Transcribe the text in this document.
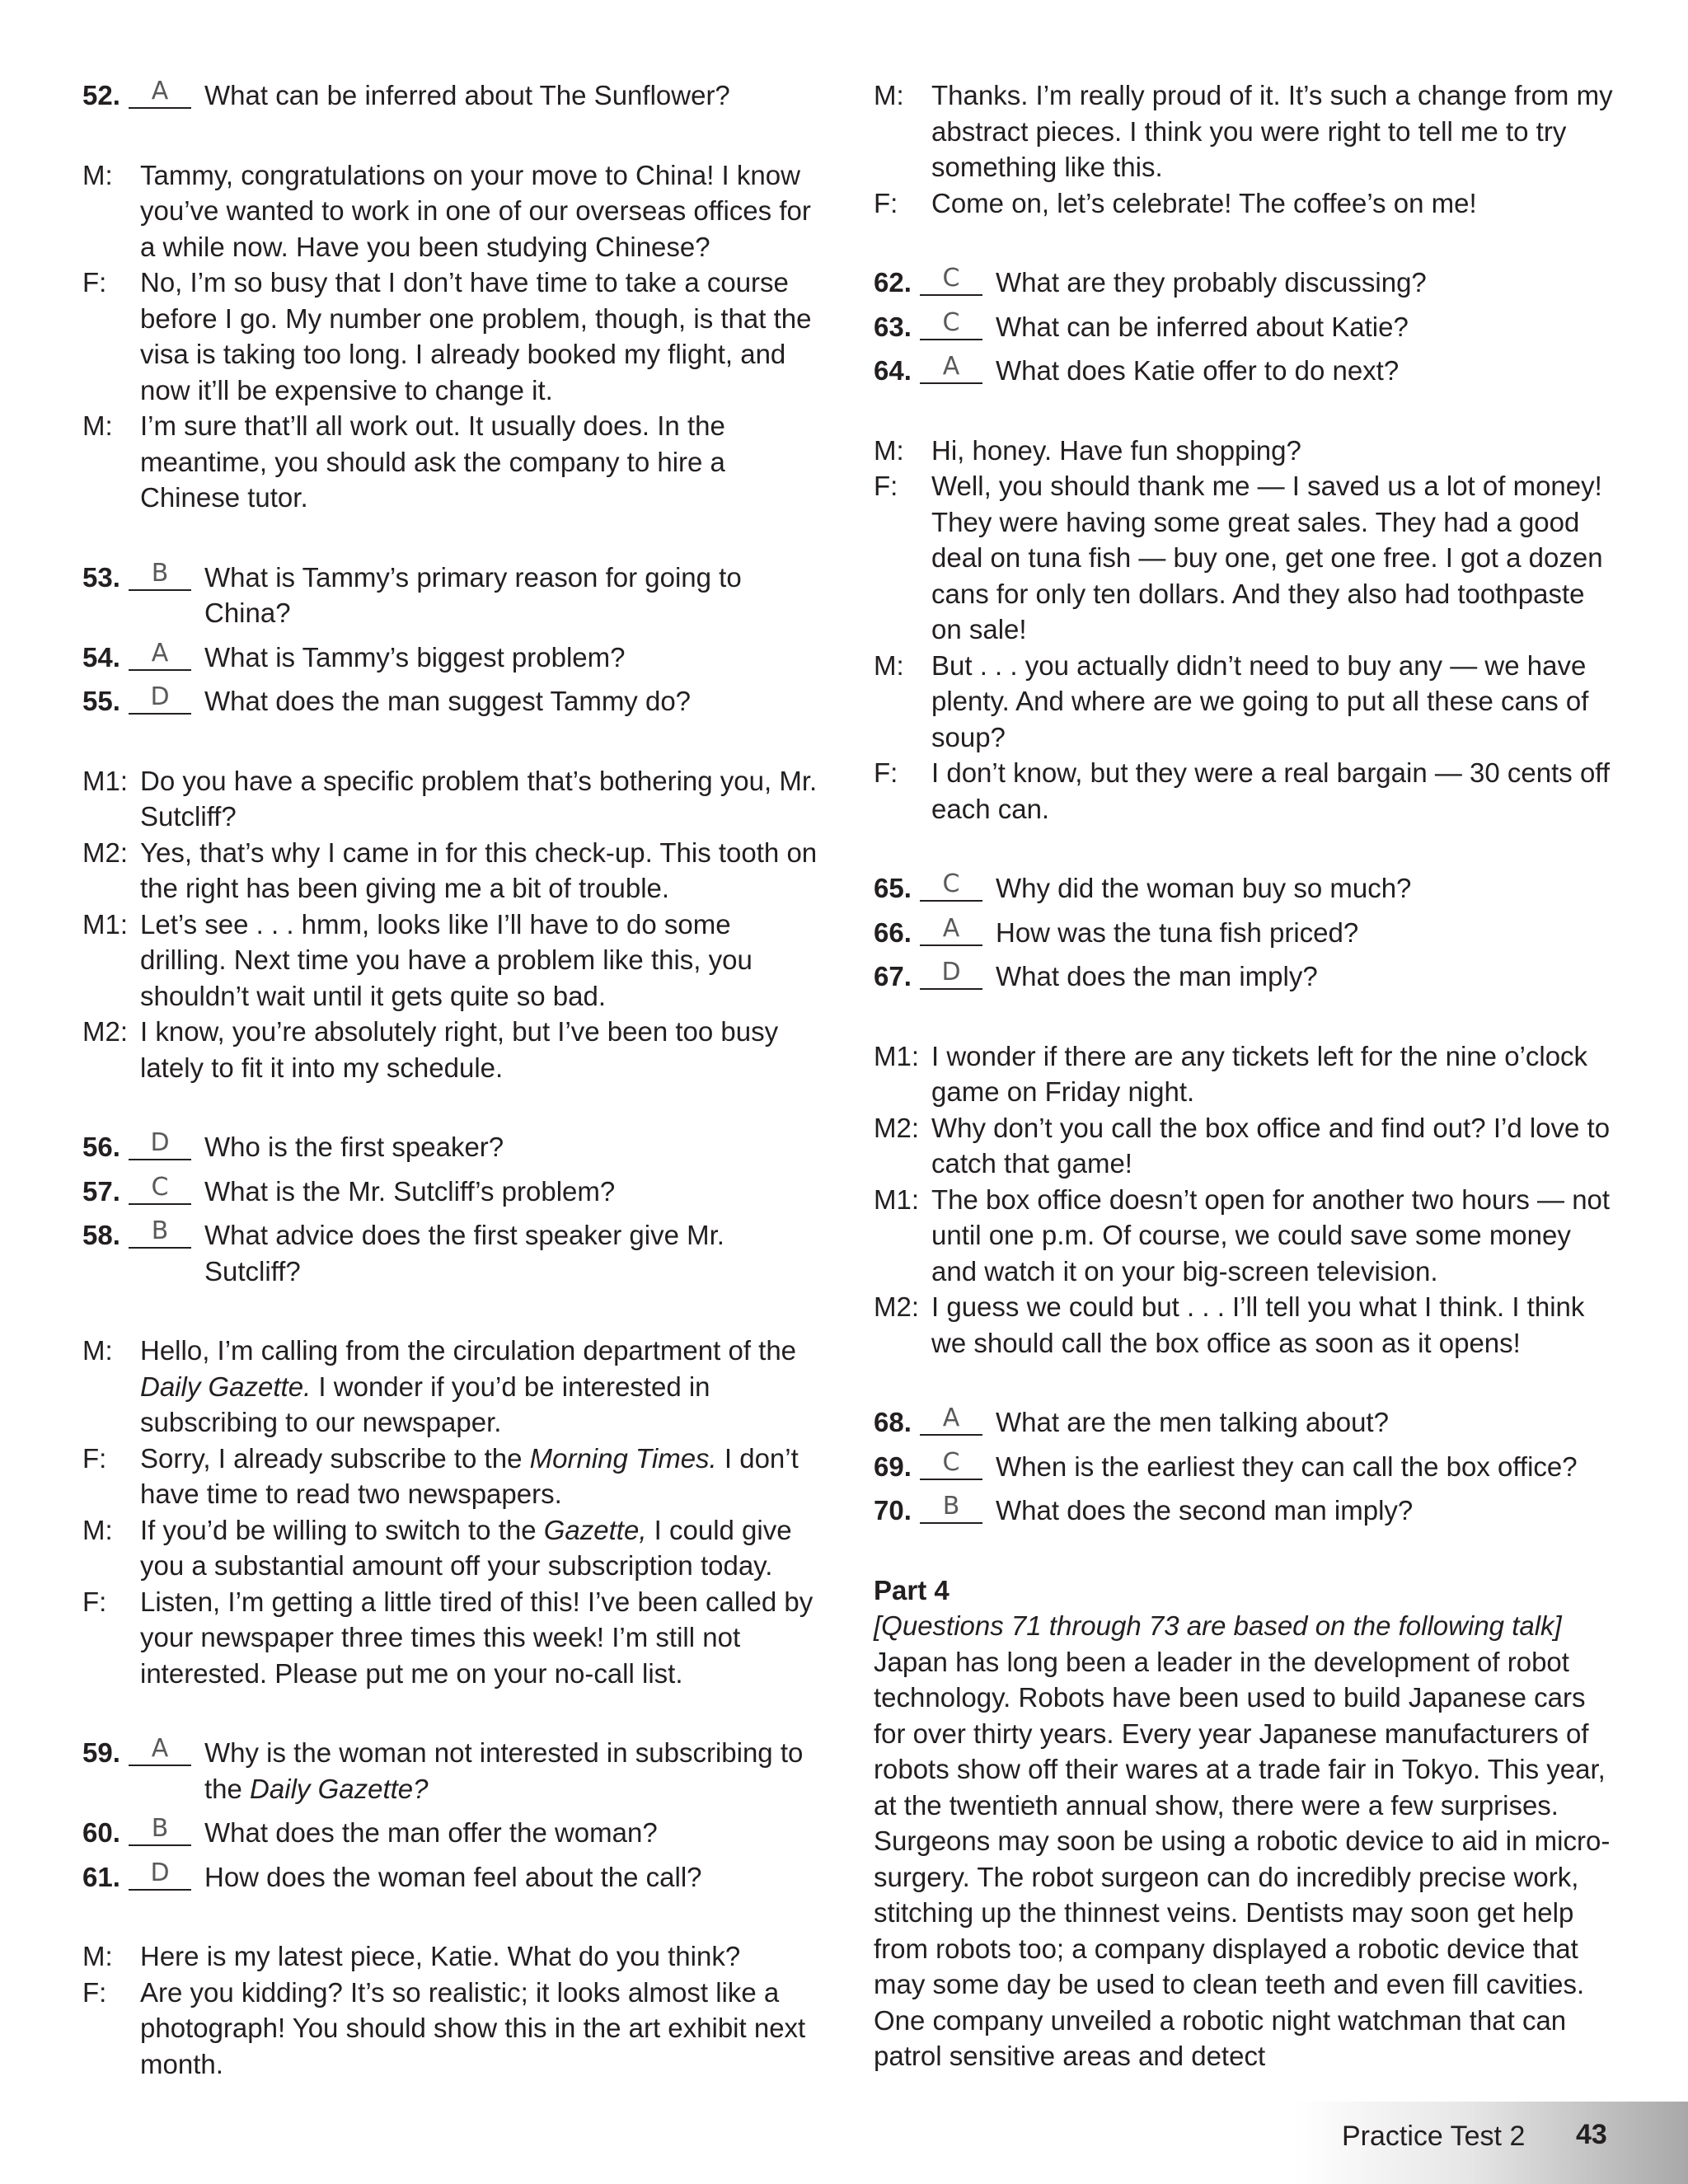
52.	A	What can be inferred about The Sunflower?
M:	Tammy, congratulations on your move to China! I know you’ve wanted to work in one of our overseas offices for a while now. Have you been studying Chinese?
F:	No, I’m so busy that I don’t have time to take a course before I go. My number one problem, though, is that the visa is taking too long. I already booked my flight, and now it’ll be expensive to change it.
M:	I’m sure that’ll all work out. It usually does. In the meantime, you should ask the company to hire a Chinese tutor.
53.	B	What is Tammy’s primary reason for going to China?
54.	A	What is Tammy’s biggest problem?
55.	D	What does the man suggest Tammy do?
M1: Do you have a specific problem that’s bothering you, Mr. Sutcliff?
M2: Yes, that’s why I came in for this check-up. This tooth on the right has been giving me a bit of trouble.
M1: Let’s see . . . hmm, looks like I’ll have to do some drilling. Next time you have a problem like this, you shouldn’t wait until it gets quite so bad.
M2: I know, you’re absolutely right, but I’ve been too busy lately to fit it into my schedule.
56.	D	Who is the first speaker?
57.	C	What is the Mr. Sutcliff’s problem?
58.	B	What advice does the first speaker give Mr. Sutcliff?
M:	Hello, I’m calling from the circulation department of the Daily Gazette. I wonder if you’d be interested in subscribing to our newspaper.
F:	Sorry, I already subscribe to the Morning Times. I don’t have time to read two newspapers.
M:	If you’d be willing to switch to the Gazette, I could give you a substantial amount off your subscription today.
F:	Listen, I’m getting a little tired of this! I’ve been called by your newspaper three times this week! I’m still not interested. Please put me on your no-call list.
59.	A	Why is the woman not interested in subscribing to the Daily Gazette?
60.	B	What does the man offer the woman?
61.	D	How does the woman feel about the call?
M:	Here is my latest piece, Katie. What do you think?
F:	Are you kidding? It’s so realistic; it looks almost like a photograph! You should show this in the art exhibit next month.
M:	Thanks. I’m really proud of it. It’s such a change from my abstract pieces. I think you were right to tell me to try something like this.
F:	Come on, let’s celebrate! The coffee’s on me!
62.	C	What are they probably discussing?
63.	C	What can be inferred about Katie?
64.	A	What does Katie offer to do next?
M:	Hi, honey. Have fun shopping?
F:	Well, you should thank me — I saved us a lot of money! They were having some great sales. They had a good deal on tuna fish — buy one, get one free. I got a dozen cans for only ten dollars. And they also had toothpaste on sale!
M:	But . . . you actually didn’t need to buy any — we have plenty. And where are we going to put all these cans of soup?
F:	I don’t know, but they were a real bargain — 30 cents off each can.
65.	C	Why did the woman buy so much?
66.	A	How was the tuna fish priced?
67.	D	What does the man imply?
M1: I wonder if there are any tickets left for the nine o’clock game on Friday night.
M2: Why don’t you call the box office and find out? I’d love to catch that game!
M1: The box office doesn’t open for another two hours — not until one p.m. Of course, we could save some money and watch it on your big-screen television.
M2: I guess we could but . . . I’ll tell you what I think. I think we should call the box office as soon as it opens!
68.	A	What are the men talking about?
69.	C	When is the earliest they can call the box office?
70.	B	What does the second man imply?
Part 4
[Questions 71 through 73 are based on the following talk]
Japan has long been a leader in the development of robot technology. Robots have been used to build Japanese cars for over thirty years. Every year Japanese manufacturers of robots show off their wares at a trade fair in Tokyo. This year, at the twentieth annual show, there were a few surprises. Surgeons may soon be using a robotic device to aid in micro-surgery. The robot surgeon can do incredibly precise work, stitching up the thinnest veins. Dentists may soon get help from robots too; a company displayed a robotic device that may some day be used to clean teeth and even fill cavities. One company unveiled a robotic night watchman that can patrol sensitive areas and detect
Practice Test 2 43
